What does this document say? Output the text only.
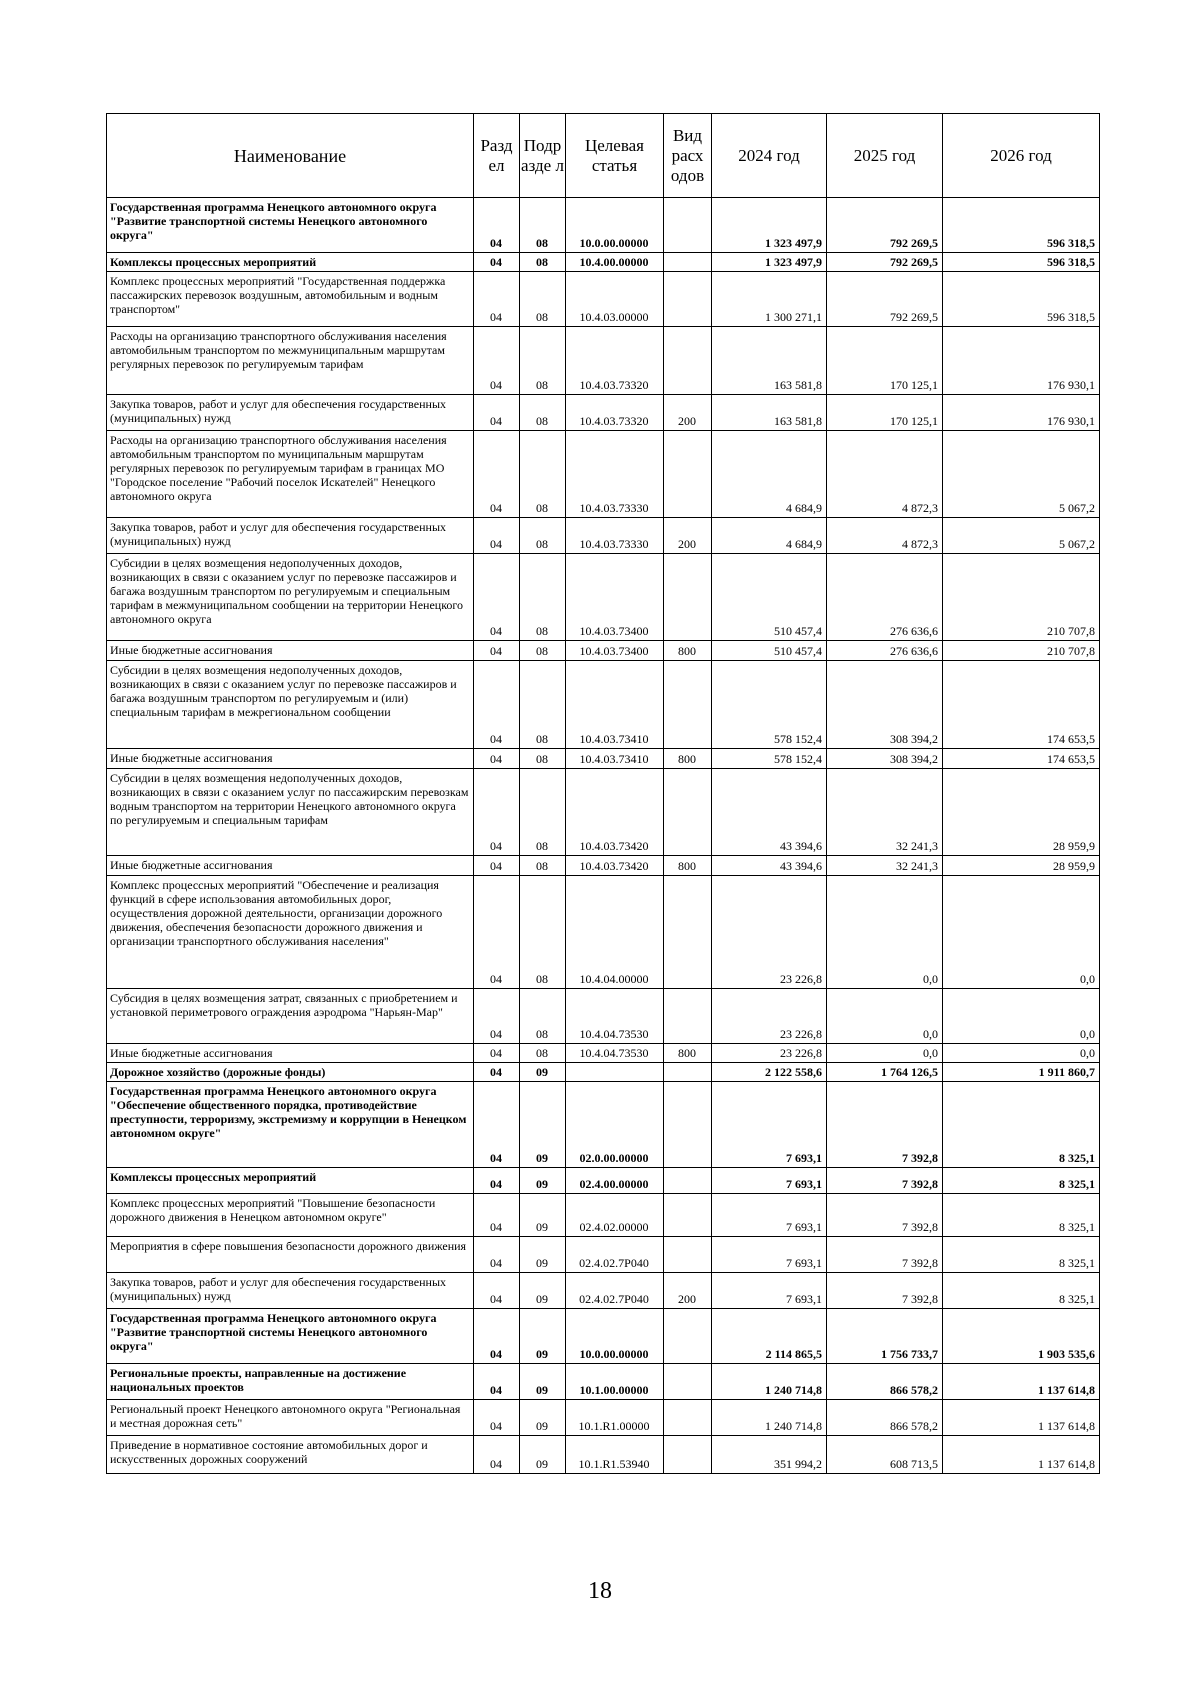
Наименование	Разд ел	Подр азде л	Целевая статья	Вид расх одов	2024 год	2025 год	2026 год
Государственная программа Ненецкого автономного округа "Развитие транспортной системы Ненецкого автономного округа"	04	08	10.0.00.00000		1 323 497,9	792 269,5	596 318,5
Комплексы процессных мероприятий	04	08	10.4.00.00000		1 323 497,9	792 269,5	596 318,5
Комплекс процессных мероприятий "Государственная поддержка пассажирских перевозок воздушным, автомобильным и водным транспортом"	04	08	10.4.03.00000		1 300 271,1	792 269,5	596 318,5
Расходы на организацию транспортного обслуживания населения автомобильным транспортом по межмуниципальным маршрутам регулярных перевозок по регулируемым тарифам	04	08	10.4.03.73320		163 581,8	170 125,1	176 930,1
Закупка товаров, работ и услуг для обеспечения государственных (муниципальных) нужд	04	08	10.4.03.73320	200	163 581,8	170 125,1	176 930,1
Расходы на организацию транспортного обслуживания населения автомобильным транспортом по муниципальным маршрутам регулярных перевозок по регулируемым тарифам в границах МО "Городское поселение "Рабочий поселок Искателей" Ненецкого автономного округа	04	08	10.4.03.73330		4 684,9	4 872,3	5 067,2
Закупка товаров, работ и услуг для обеспечения государственных (муниципальных) нужд	04	08	10.4.03.73330	200	4 684,9	4 872,3	5 067,2
Субсидии в целях возмещения недополученных доходов, возникающих в связи с оказанием услуг по перевозке пассажиров и багажа воздушным транспортом по регулируемым и специальным тарифам в межмуниципальном сообщении на территории Ненецкого автономного округа	04	08	10.4.03.73400		510 457,4	276 636,6	210 707,8
Иные бюджетные ассигнования	04	08	10.4.03.73400	800	510 457,4	276 636,6	210 707,8
Субсидии в целях возмещения недополученных доходов, возникающих в связи с оказанием услуг по перевозке пассажиров и багажа воздушным транспортом по регулируемым и (или) специальным тарифам в межрегиональном сообщении	04	08	10.4.03.73410		578 152,4	308 394,2	174 653,5
Иные бюджетные ассигнования	04	08	10.4.03.73410	800	578 152,4	308 394,2	174 653,5
Субсидии в целях возмещения недополученных доходов, возникающих в связи с оказанием услуг по пассажирским перевозкам водным транспортом на территории Ненецкого автономного округа по регулируемым и специальным тарифам	04	08	10.4.03.73420		43 394,6	32 241,3	28 959,9
Иные бюджетные ассигнования	04	08	10.4.03.73420	800	43 394,6	32 241,3	28 959,9
Комплекс процессных мероприятий "Обеспечение и реализация функций в сфере использования автомобильных дорог, осуществления дорожной деятельности, организации дорожного движения, обеспечения безопасности дорожного движения и организации транспортного обслуживания населения"	04	08	10.4.04.00000		23 226,8	0,0	0,0
Субсидия в целях возмещения затрат, связанных с приобретением и установкой периметрового ограждения аэродрома "Нарьян-Мар"	04	08	10.4.04.73530		23 226,8	0,0	0,0
Иные бюджетные ассигнования	04	08	10.4.04.73530	800	23 226,8	0,0	0,0
Дорожное хозяйство (дорожные фонды)	04	09			2 122 558,6	1 764 126,5	1 911 860,7
Государственная программа Ненецкого автономного округа "Обеспечение общественного порядка, противодействие преступности, терроризму, экстремизму и коррупции в Ненецком автономном округе"	04	09	02.0.00.00000		7 693,1	7 392,8	8 325,1
Комплексы процессных мероприятий	04	09	02.4.00.00000		7 693,1	7 392,8	8 325,1
Комплекс процессных мероприятий "Повышение безопасности дорожного движения в Ненецком автономном округе"	04	09	02.4.02.00000		7 693,1	7 392,8	8 325,1
Мероприятия в сфере повышения безопасности дорожного движения	04	09	02.4.02.7Р040		7 693,1	7 392,8	8 325,1
Закупка товаров, работ и услуг для обеспечения государственных (муниципальных) нужд	04	09	02.4.02.7Р040	200	7 693,1	7 392,8	8 325,1
Государственная программа Ненецкого автономного округа "Развитие транспортной системы Ненецкого автономного округа"	04	09	10.0.00.00000		2 114 865,5	1 756 733,7	1 903 535,6
Региональные проекты, направленные на достижение национальных проектов	04	09	10.1.00.00000		1 240 714,8	866 578,2	1 137 614,8
Региональный проект Ненецкого автономного округа "Региональная и местная дорожная сеть"	04	09	10.1.R1.00000		1 240 714,8	866 578,2	1 137 614,8
Приведение в нормативное состояние автомобильных дорог и искусственных дорожных сооружений	04	09	10.1.R1.53940		351 994,2	608 713,5	1 137 614,8
18
